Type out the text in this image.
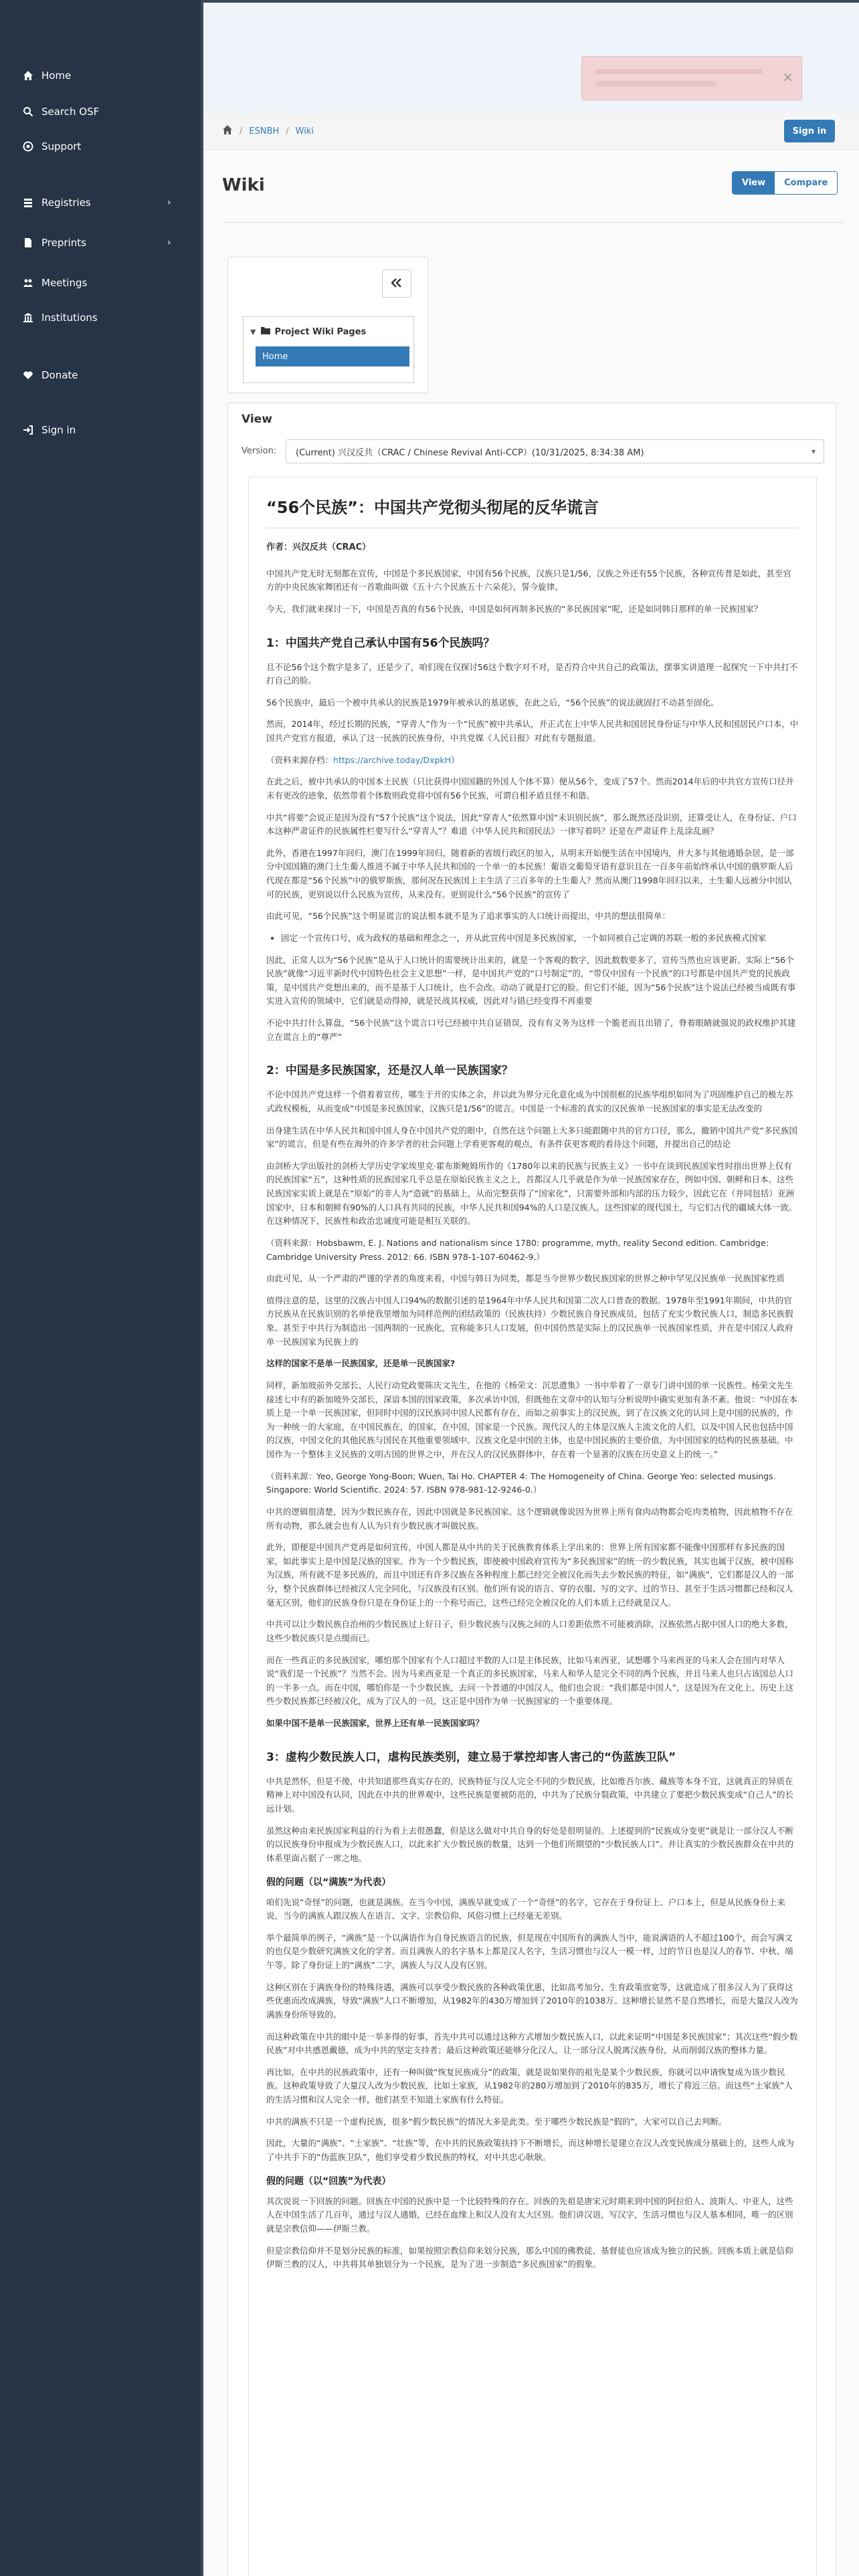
Home
Search OSF
Support
Registries	›
Preprints	›
Meetings
Institutions
Donate
Sign in
×
/ ESNBH / Wiki	Sign in
Wiki	View	Compare
▼ Project Wiki Pages
Home
View
Version: (Current) 兴汉反共（CRAC / Chinese Revival Anti-CCP）(10/31/2025, 8:34:38 AM)	▾
“56个民族”：中国共产党彻头彻尾的反华谎言
作者：兴汉反共（CRAC）

中国共产党无时无刻都在宣传，中国是个多民族国家，中国有56个民族，汉族只是1/56，汉族之外还有55个民族，各种宣传普是如此，甚至官方的中央民族家舞团还有一首歌曲叫做《五十六个民族五十六朵花》，誓今旋律。

今天，我们就来探讨一下，中国是否真的有56个民族，中国是如何再制多民族的“多民族国家”呢，还是如同韩日那样的单一民族国家？

1：中国共产党自己承认中国有56个民族吗？

且不论56个这个数字是多了，还是少了，咱们现在仅探讨56这个数字对不对，是否符合中共自己的政策法，摆事实讲道理一起探究一下中共打不打自己的脸。

56个民族中，最后一个被中共承认的民族是1979年被承认的基诺族，在此之后，“56个民族”的说法就固打不动甚至固化。

然而，2014年，经过长期的民族，“穿青人”作为一个“民族”被中共承认，并正式在上中华人民共和国居民身份证与中华人民和国居民户口本，中国共产党官方报道，承认了这一民族的民族身份，中共党媒《人民日报》对此有专题报道。

（资料来源存档：https://archive.today/DxpkH）

在此之后，被中共承认的中国本土民族（只比获得中国国籍的外国人个体不算）便从56个，变成了57个。然而2014年后的中共官方宣传口径并未有更改的迹象，依然带着个体数则政党将中国有56个民族，可谓自相矛盾且怪不和谐。

中共“将要”会说正是因为没有“57个民族”这个说法，因此“穿青人”依然算中国“未识别民族”，那么既然还没识别，还算受让人，在身份证、户口本这种严肃证件的民族属性栏要写什么“穿青人”？难道《中华人民共和国民法》一律写着吗？还是在严肃证件上乱涂乱画？

此外，香港在1997年回归，澳门在1999年回归，随着新的省级行政区的加入，从明末开始便生活在中国境内，并大多与其他通婚杂居，是一部分中国国籍的澳门土生葡人推进不属于中华人民共和国的一个单一的本民族！葡语文葡萄牙语有意识且在一百多年前始终承认中国的俄罗斯人后代现在都是“56个民族”中的俄罗斯族，那何况在民族国上主生活了三百多年的土生葡人？然而从澳门1998年回归以来，土生葡人远被分中国认可的民族，更别说以什么民族为宣传，从来没有。更别说什么“56个民族”的宣传了

由此可见，“56个民族”这个明显谎言的说法根本就不是为了追求事实的人口统计而提出，中共的想法很简单：

• 固定一个宣传口号，成为政权的基础和理念之一，并从此宣传中国是多民族国家，一个如同被自己定调的苏联一般的多民族模式国家

因此，正常人以为“56个民族”是从于人口统计的需要统计出来的，就是一个客观的数字，因此数数要多了，宣传当然也应该更新。实际上“56个民族”就像“习近平新时代中国特色社会主义思想”一样，是中国共产党的“口号制定”的，“带仅中国有一个民族”的口号都是中国共产党的民族政策，是中国共产党想出来的，而不是基于人口统计，也不会改。动动了就是打它的脸。但它们不能，因为“56个民族”这个说法已经被当成既有事实进入宣传的领域中，它们就是动得掉，就是民战其权威，因此对与错已经变得不再重要

不论中共打什么算盘，“56个民族”这个谎言口号已经被中共自证错误，没有有义务为这样一个脆老而且出错了，脊着眼睛就强说的政权维护其建立在谎言上的“尊严”

2：中国是多民族国家，还是汉人单一民族国家？

不论中国共产党这样一个借着着宣传，哪生于开的实体之余，并以此为界分元化意化成为中国很框的民族华组织如同为了巩固维护自己的极左苏式政权模板，从而变成“中国是多民族国家，汉族只是1/56”的谎言。中国是一个标准的真实的汉民族单一民族国家的事实是无法改变的

出身建生活在中华人民共和国中国人身在中国共产党的眼中，自然在这个问题上大多只能跟随中共的官方口径，那么，撤销中国共产党“多民族国家”的谎言，但是有些在海外的许多学者的社会问题上学看更客观的观点，有条件获更客观的看待这个问题，并提出自己的结论

由剑桥大学出版社的剑桥大学历史学家埃里克·霍布斯鲍姆所作的《1780年以来的民族与民族主义》一书中在谈到民族国家性时指出世界上仅有的民族国家“五”，这种性质的民族国家几乎总是在原始民族主义之上，首都汉人几乎就是作为单一民族国家存在，例如中国、朝鲜和日本。这些民族国家实质上就是在“原始”的非人为“造就”的基础上，从而完整获得了“国家化”，只需要外部和内部的压力较少，因此它在（并同包括）亚洲国家中，日本和朝鲜有90%的人口具有共同的民族，中华人民共和国94%的人口是汉族人。这些国家的现代国土，与它们古代的疆域大体一致。在这种情况下，民族性和政治忠诚度可能是相互关联的。

（资料来源：Hobsbawm, E. J. Nations and nationalism since 1780: programme, myth, reality Second edition. Cambridge: Cambridge University Press. 2012: 66. ISBN 978-1-107-60462-9.）

由此可见，从一个严肃的严谨的学者的角度来看，中国与韩日为同类，都是当今世界少数民族国家的世界之种中罕见汉民族单一民族国家性质

值得注意的是，这里的汉族占中国人口94%的数据引述的是1964年中华人民共和国第二次人口普查的数据。1978年至1991年期间，中共的官方民族从在民族识别的名单使我里增加为同样范例的团结政策的（民族扶持）少数民族自身民族成员，包括了充实少数民族人口，制造多民族假象。甚至于中共行为制造出一国两制的一民族化，宣称能多只人口发展，但中国仍然是实际上的汉民族单一民族国家性质，并在是中国汉人政府单一民族国家为民族上的

这样的国家不是单一民族国家，还是单一民族国家?

同样，新加坡前外交部长、人民行动党政要陈庆文先生，在他的《杨荣文：沉思遗集》一书中举着了一章专门讲中国的单一民族性。杨荣文先生接述七中有的新加坡外交部长，深谙本国的国家政策，多次承访中国，但既他在文章中的认知与分析说明中确实更加有条不紊。他说：“中国在本质上是一个单一民族国家，但同时中国的汉民族同中国人民都有存在，而如之前事实上的汉民族，到了在汉族文化的认同上是中国的民族的，作为一种统一的大家庭，在中国民族在，的国家，在中国，国家是一个民族。现代汉人的主体是汉族人主流文化的人们，以及中国人民也包括中国的汉族，中国文化的其他民族与国民在其他重要领域中。汉族文化是中国的主体，也是中国民族的主要价值，为中国国家的结构的民族基础。中国作为一个整体主义民族的文明古国的世界之中，并在汉人的汉民族群体中，存在着一个显著的汉族在历史意义上的统一。”

（资料来源：Yeo, George Yong-Boon; Wuen, Tai Ho. CHAPTER 4: The Homogeneity of China. George Yeo: selected musings. Singapore: World Scientific. 2024: 57. ISBN 978-981-12-9246-0.）

中共的逻辑很清楚，因为少数民族存在，因此中国就是多民族国家。这个逻辑就像说因为世界上所有食肉动物都会吃肉类植物，因此植物不存在所有动物，那么就会也有人认为只有少数民族才叫做民族。

此外，即便是中国共产党再是如何宣传，中国人都是从中共的关于民族教育体系上学出来的：世界上所有国家都不能像中国那样有多民族的国家，如此事实上是中国是汉族的国家。作为一个少数民族，即使被中国政府宣传为“多民族国家”的统一的少数民族，其实也属于汉族，被中国称为汉族，所有就不是多民族的，而且中国还有许多汉族在各种程度上都已经完全被汉化而失去少数民族的特征，如“满族”，它们都是汉人的一部分，整个民族群体已经被汉人完全同化，与汉族没有区别。他们所有说的语言、穿的衣服、写的文字、过的节日、甚至于生活习惯都已经和汉人毫无区别，他们的民族身份只是在身份证上的一个称号而已，这些已经完全被汉化的人们本质上已经就是汉人。

中共可以让少数民族自治州的少数民族过上好日子，但少数民族与汉族之间的人口差距依然不可能被消除，汉族依然占据中国人口的绝大多数，这些少数民族只是点缀而已。

而在一些真正的多民族国家，哪怕那个国家有个人口超过半数的人口是主体民族，比如马来西亚，试想哪个马来西亚的马来人会在国内对华人说“我们是一个民族”？当然不会。因为马来西亚是一个真正的多民族国家，马来人和华人是完全不同的两个民族，并且马来人也只占该国总人口的一半多一点。而在中国，哪怕你是一个少数民族，去问一个普通的中国汉人，他们也会说：“我们都是中国人”，这是因为在文化上、历史上这些少数民族都已经被汉化，成为了汉人的一员，这正是中国作为单一民族国家的一个重要体现。

如果中国不是单一民族国家，世界上还有单一民族国家吗？

3：虚构少数民族人口，虐构民族类别，建立易于掌控却害人害己的“伪蓝族卫队”

中共是然怀，但是不傻，中共知道那些真实存在的，民族特征与汉人完全不同的少数民族，比如维吾尔族、藏族等本身不宜，这就真正的异质在精神上对中国没有认同，因此在中共的世界观中，这些民族是要被防范的，中共为了民族分裂政策，中共建立了要把少数民族变成“自己人”的长远计划。

虽然这种由来民族国家利益的行为看上去很愚蠢，但是这么做对中共自身的好处是很明显的。上述提到的“民族成分变更”就是让一部分汉人不断的以民族身份申报成为少数民族人口，以此来扩大少数民族的数量，达到一个他们所期望的“少数民族人口”。并让真实的少数民族群众在中共的体系里面占据了一席之地。

假的问题（以“满族”为代表）

咱们先说“奇怪”的问题，也就是满族。在当今中国，满族早就变成了一个“奇怪”的名字，它存在于身份证上、户口本上，但是从民族身份上来说，当今的满族人跟汉族人在语言、文字、宗教信仰、风俗习惯上已经毫无差别。

举个最简单的例子，“满族”是一个以满语作为自身民族语言的民族，但是现在中国所有的满族人当中，能说满语的人不超过100个，而会写满文的也仅是少数研究满族文化的学者。而且满族人的名字基本上都是汉人名字，生活习惯也与汉人一模一样，过的节日也是汉人的春节、中秋、端午等。除了身份证上的“满族”二字，满族人与汉人没有区别。

这种区别在于满族身份的特殊待遇，满族可以享受少数民族的各种政策优惠，比如高考加分、生育政策放宽等，这就造成了很多汉人为了获得这些优惠而改成满族，导致“满族”人口不断增加，从1982年的430万增加到了2010年的1038万。这种增长显然不是自然增长，而是大量汉人改为满族身份所导致的。

而这种政策在中共的眼中是一举多得的好事，首先中共可以通过这种方式增加少数民族人口，以此来证明“中国是多民族国家”；其次这些“假少数民族”对中共感恩戴德，成为中共的坚定支持者；最后这种政策还能够分化汉人，让一部分汉人脱离汉族身份，从而削弱汉族的整体力量。

再比如，在中共的民族政策中，还有一种叫做“恢复民族成分”的政策，就是说如果你的祖先是某个少数民族，你就可以申请恢复成为该少数民族。这种政策导致了大量汉人改为少数民族，比如土家族，从1982年的280万增加到了2010年的835万，增长了将近三倍。而这些“土家族”人的生活习惯和汉人完全一样，他们甚至不知道土家族有什么特征。

中共的满族不只是一个虚构民族，很多“假少数民族”的情况大多是此类。至于哪些少数民族是“假的”，大家可以自己去判断。

因此，大量的“满族”、“土家族”、“壮族”等，在中共的民族政策扶持下不断增长，而这种增长是建立在汉人改变民族成分基础上的，这些人成为了中共手下的“伪蓝族卫队”，他们享受着少数民族的特权，对中共忠心耿耿。

假的问题（以“回族”为代表）

其次说说一下回族的问题。回族在中国的民族中是一个比较特殊的存在。回族的先祖是唐宋元时期来到中国的阿拉伯人、波斯人、中亚人，这些人在中国生活了几百年，通过与汉人通婚，已经在血缘上和汉人没有太大区别。他们讲汉语，写汉字，生活习惯也与汉人基本相同，唯一的区别就是宗教信仰——伊斯兰教。

但是宗教信仰并不是划分民族的标准，如果按照宗教信仰来划分民族，那么中国的佛教徒、基督徒也应该成为独立的民族。回族本质上就是信仰伊斯兰教的汉人，中共将其单独划分为一个民族，是为了进一步制造“多民族国家”的假象。
